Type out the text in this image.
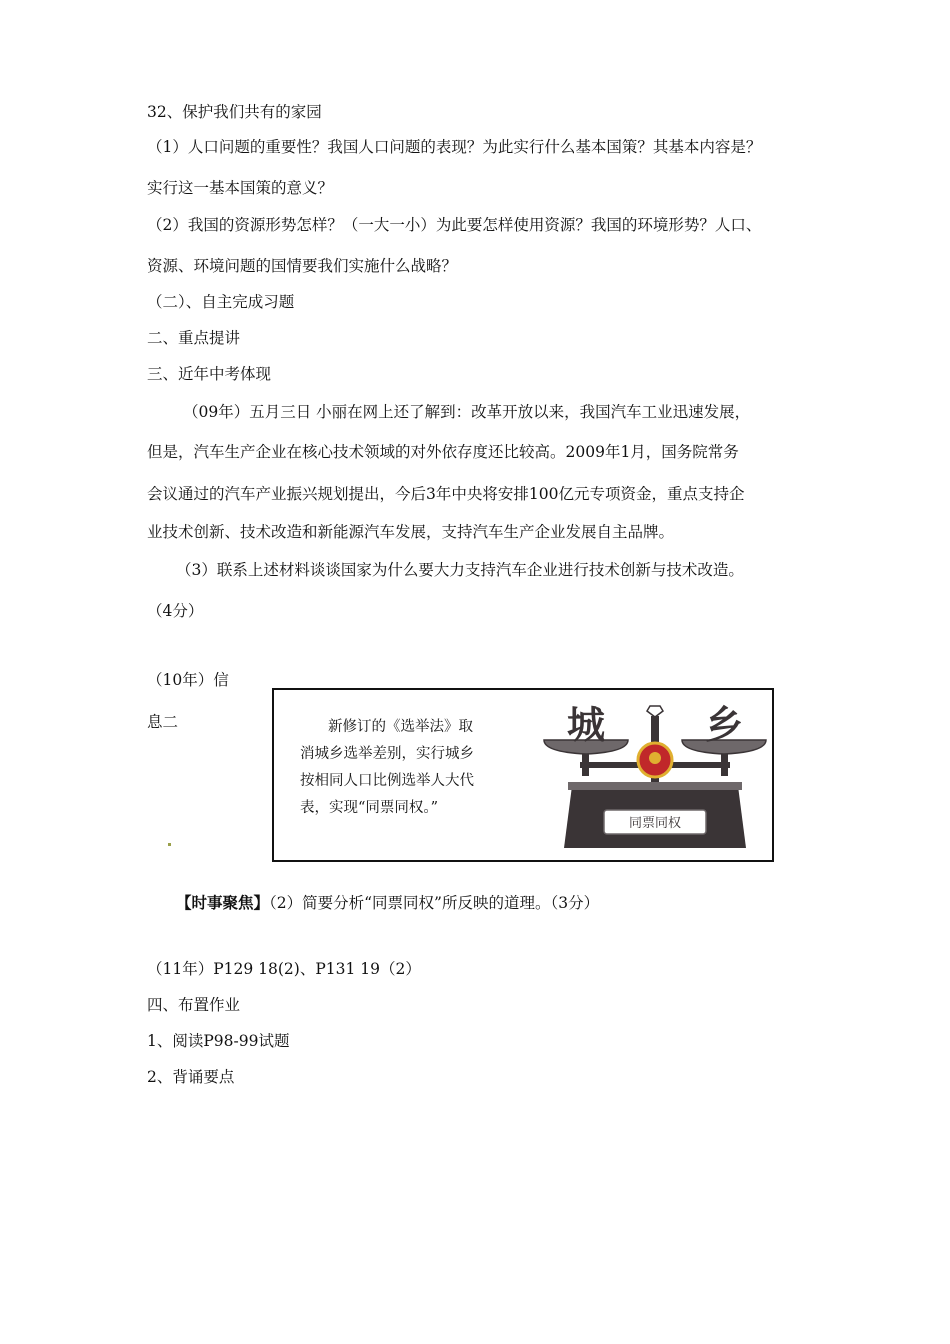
32、保护我们共有的家园
（1）人口问题的重要性？我国人口问题的表现？为此实行什么基本国策？其基本内容是？
实行这一基本国策的意义？
（2）我国的资源形势怎样？（一大一小）为此要怎样使用资源？我国的环境形势？人口、
资源、环境问题的国情要我们实施什么战略？
（二）、自主完成习题
二、重点提讲
三、近年中考体现
（09年）五月三日 小丽在网上还了解到：改革开放以来，我国汽车工业迅速发展，
但是，汽车生产企业在核心技术领域的对外依存度还比较高。2009年1月，国务院常务
会议通过的汽车产业振兴规划提出，今后3年中央将安排100亿元专项资金，重点支持企
业技术创新、技术改造和新能源汽车发展，支持汽车生产企业发展自主品牌。
（3）联系上述材料谈谈国家为什么要大力支持汽车企业进行技术创新与技术改造。
（4分）
（10年）信
息二	新修订的《选举法》取
消城乡选举差别，实行城乡
按相同人口比例选举人大代
表，实现“同票同权。”
同票同权
城	乡
【时事聚焦】（2）简要分析“同票同权”所反映的道理。（3分）
（11年）P129 18(2)、P131 19（2）
四、布置作业
1、阅读P98-99试题
2、背诵要点
